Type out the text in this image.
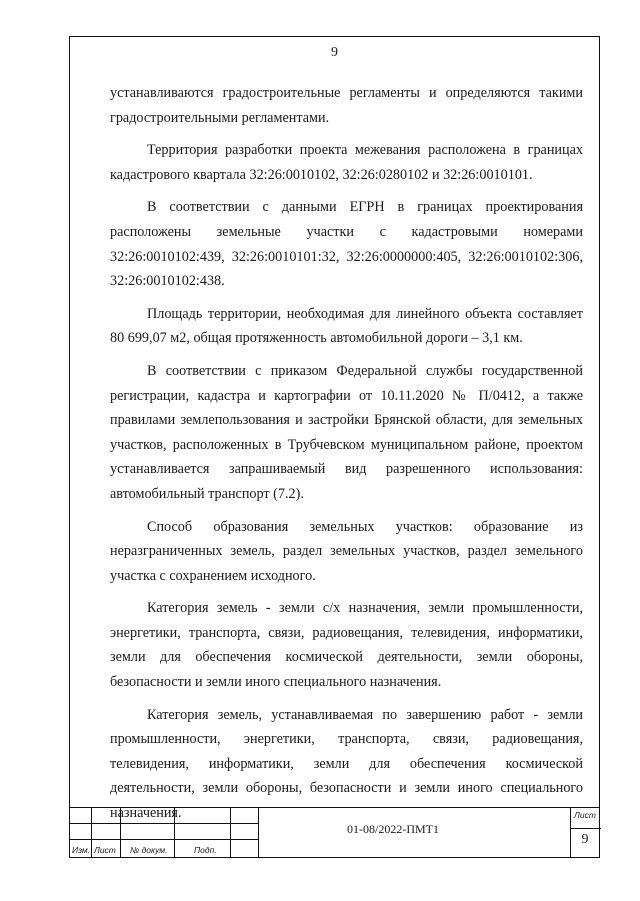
9

устанавливаются градостроительные регламенты и определяются такими градостроительными регламентами.

Территория разработки проекта межевания расположена в границах кадастрового квартала 32:26:0010102, 32:26:0280102 и 32:26:0010101.

В соответствии с данными ЕГРН в границах проектирования расположены земельные участки с кадастровыми номерами 32:26:0010102:439, 32:26:0010101:32, 32:26:0000000:405, 32:26:0010102:306, 32:26:0010102:438.

Площадь территории, необходимая для линейного объекта составляет 80 699,07 м2, общая протяженность автомобильной дороги – 3,1 км.

В соответствии с приказом Федеральной службы государственной регистрации, кадастра и картографии от 10.11.2020 № П/0412, а также правилами землепользования и застройки Брянской области, для земельных участков, расположенных в Трубчевском муниципальном районе, проектом устанавливается запрашиваемый вид разрешенного использования: автомобильный транспорт (7.2).

Способ образования земельных участков: образование из неразграниченных земель, раздел земельных участков, раздел земельного участка с сохранением исходного.

Категория земель - земли с/х назначения, земли промышленности, энергетики, транспорта, связи, радиовещания, телевидения, информатики, земли для обеспечения космической деятельности, земли обороны, безопасности и земли иного специального назначения.

Категория земель, устанавливаемая по завершению работ - земли промышленности, энергетики, транспорта, связи, радиовещания, телевидения, информатики, земли для обеспечения космической деятельности, земли обороны, безопасности и земли иного специального назначения.

Изм. Лист № докум.	Подп.
01-08/2022-ПМТ1
Лист
9
